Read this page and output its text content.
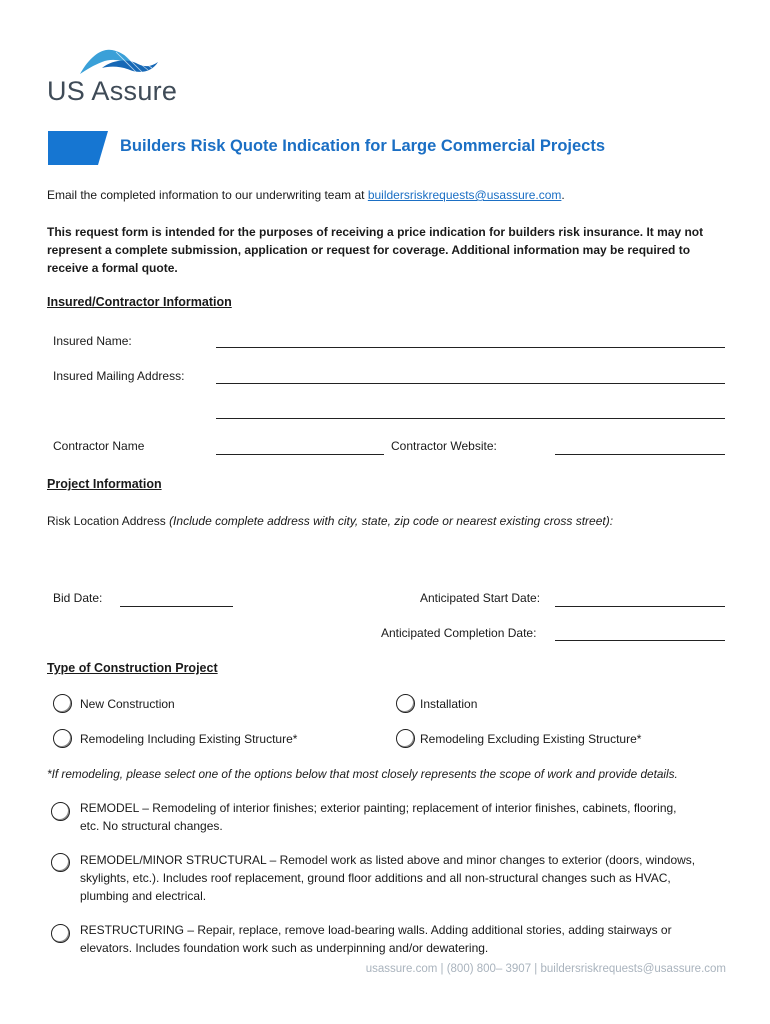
US Assure
Builders Risk Quote Indication for Large Commercial Projects
Email the completed information to our underwriting team at buildersriskrequests@usassure.com.
This request form is intended for the purposes of receiving a price indication for builders risk insurance. It may not
represent a complete submission, application or request for coverage. Additional information may be required to
receive a formal quote.
Insured/Contractor Information
Insured Name:
Insured Mailing Address:
Contractor Name	Contractor Website:
Project Information
Risk Location Address (Include complete address with city, state, zip code or nearest existing cross street):
Bid Date:	Anticipated Start Date:
Anticipated Completion Date:
Type of Construction Project
New Construction	Installation
Remodeling Including Existing Structure*	Remodeling Excluding Existing Structure*
*If remodeling, please select one of the options below that most closely represents the scope of work and provide details.
REMODEL – Remodeling of interior finishes; exterior painting; replacement of interior finishes, cabinets, flooring,
etc. No structural changes.
REMODEL/MINOR STRUCTURAL – Remodel work as listed above and minor changes to exterior (doors, windows,
skylights, etc.). Includes roof replacement, ground floor additions and all non-structural changes such as HVAC,
plumbing and electrical.
RESTRUCTURING – Repair, replace, remove load-bearing walls. Adding additional stories, adding stairways or
elevators. Includes foundation work such as underpinning and/or dewatering.
usassure.com | (800) 800– 3907 | buildersriskrequests@usassure.com
